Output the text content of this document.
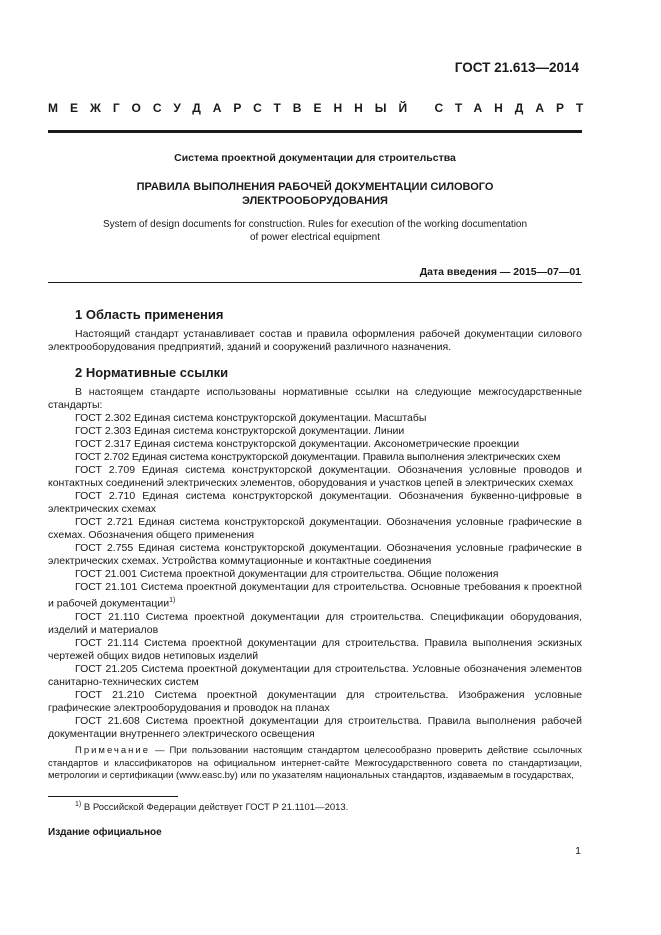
ГОСТ 21.613—2014
МЕЖГОСУДАРСТВЕННЫЙ СТАНДАРТ
Система проектной документации для строительства
ПРАВИЛА ВЫПОЛНЕНИЯ РАБОЧЕЙ ДОКУМЕНТАЦИИ СИЛОВОГО
ЭЛЕКТРООБОРУДОВАНИЯ
System of design documents for construction. Rules for execution of the working documentation
of power electrical equipment
Дата введения — 2015—07—01
1 Область применения

Настоящий стандарт устанавливает состав и правила оформления рабочей документации силового электрооборудования предприятий, зданий и сооружений различного назначения.

2 Нормативные ссылки

В настоящем стандарте использованы нормативные ссылки на следующие межгосударственные стандарты:

ГОСТ 2.302 Единая система конструкторской документации. Масштабы

ГОСТ 2.303 Единая система конструкторской документации. Линии

ГОСТ 2.317 Единая система конструкторской документации. Аксонометрические проекции

ГОСТ 2.702 Единая система конструкторской документации. Правила выполнения электрических схем

ГОСТ 2.709 Единая система конструкторской документации. Обозначения условные проводов и контактных соединений электрических элементов, оборудования и участков цепей в электрических схемах

ГОСТ 2.710 Единая система конструкторской документации. Обозначения буквенно-цифровые в электрических схемах

ГОСТ 2.721 Единая система конструкторской документации. Обозначения условные графические в схемах. Обозначения общего применения

ГОСТ 2.755 Единая система конструкторской документации. Обозначения условные графические в электрических схемах. Устройства коммутационные и контактные соединения

ГОСТ 21.001 Система проектной документации для строительства. Общие положения

ГОСТ 21.101 Система проектной документации для строительства. Основные требования к проектной и рабочей документации$^{1)}$

ГОСТ 21.110 Система проектной документации для строительства. Спецификации оборудования, изделий и материалов

ГОСТ 21.114 Система проектной документации для строительства. Правила выполнения эскизных чертежей общих видов нетиповых изделий

ГОСТ 21.205 Система проектной документации для строительства. Условные обозначения элементов санитарно-технических систем

ГОСТ 21.210 Система проектной документации для строительства. Изображения условные графические электрооборудования и проводок на планах

ГОСТ 21.608 Система проектной документации для строительства. Правила выполнения рабочей документации внутреннего электрического освещения

Примечание — При пользовании настоящим стандартом целесообразно проверить действие ссылочных стандартов и классификаторов на официальном интернет-сайте Межгосударственного совета по стандартизации, метрологии и сертификации (www.easc.by) или по указателям национальных стандартов, издаваемым в государствах,

$^{1)}$ В Российской Федерации действует ГОСТ Р 21.1101—2013.
Издание официальное
1
